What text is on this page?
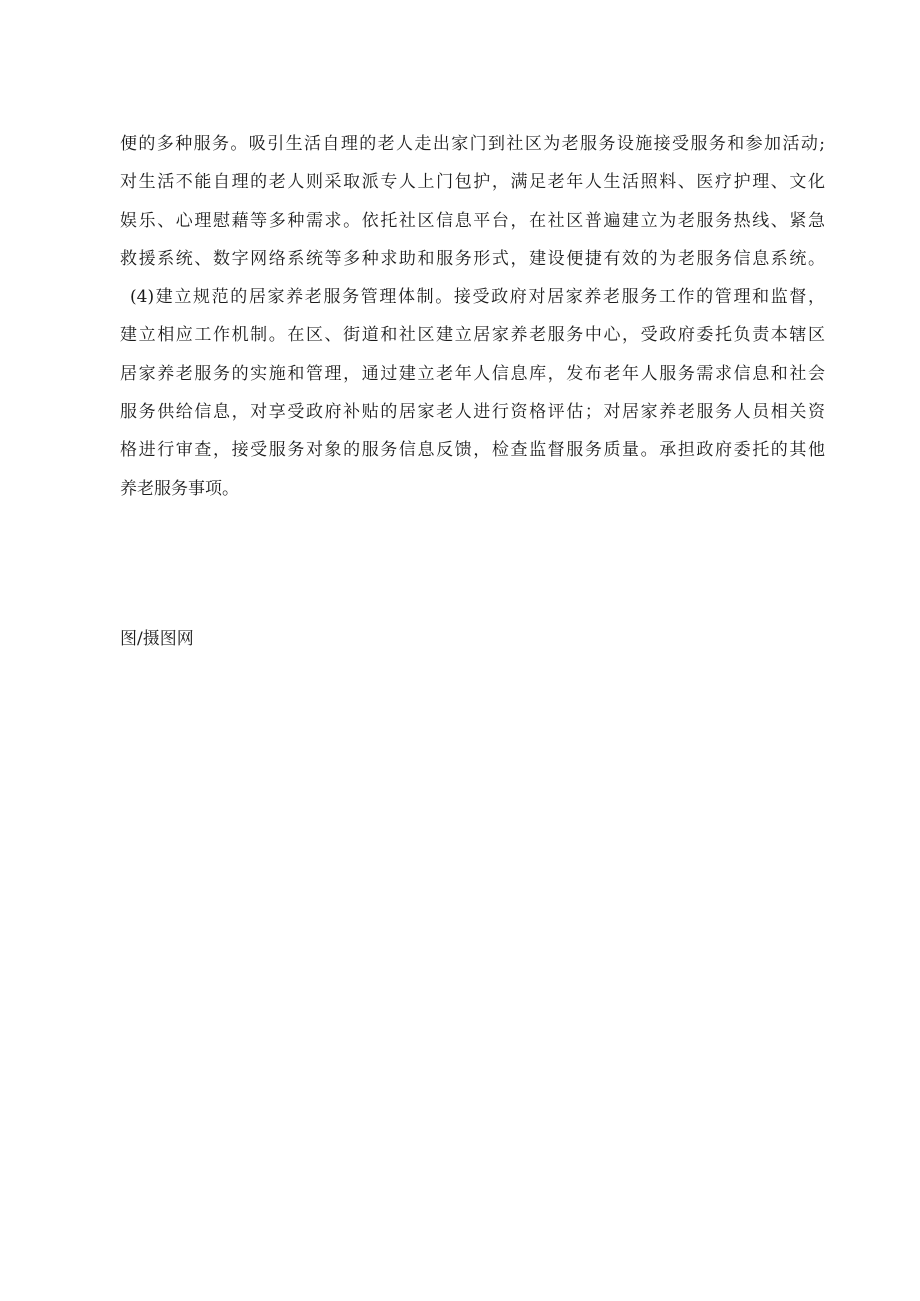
便的多种服务。吸引生活自理的老人走出家门到社区为老服务设施接受服务和参加活动;
对生活不能自理的老人则采取派专人上门包护，满足老年人生活照料、医疗护理、文化
娱乐、心理慰藉等多种需求。依托社区信息平台，在社区普遍建立为老服务热线、紧急
救援系统、数字网络系统等多种求助和服务形式，建设便捷有效的为老服务信息系统。
(4)建立规范的居家养老服务管理体制。接受政府对居家养老服务工作的管理和监督，
建立相应工作机制。在区、街道和社区建立居家养老服务中心，受政府委托负责本辖区
居家养老服务的实施和管理，通过建立老年人信息库，发布老年人服务需求信息和社会
服务供给信息，对享受政府补贴的居家老人进行资格评估；对居家养老服务人员相关资
格进行审查，接受服务对象的服务信息反馈，检查监督服务质量。承担政府委托的其他
养老服务事项。
图/摄图网
